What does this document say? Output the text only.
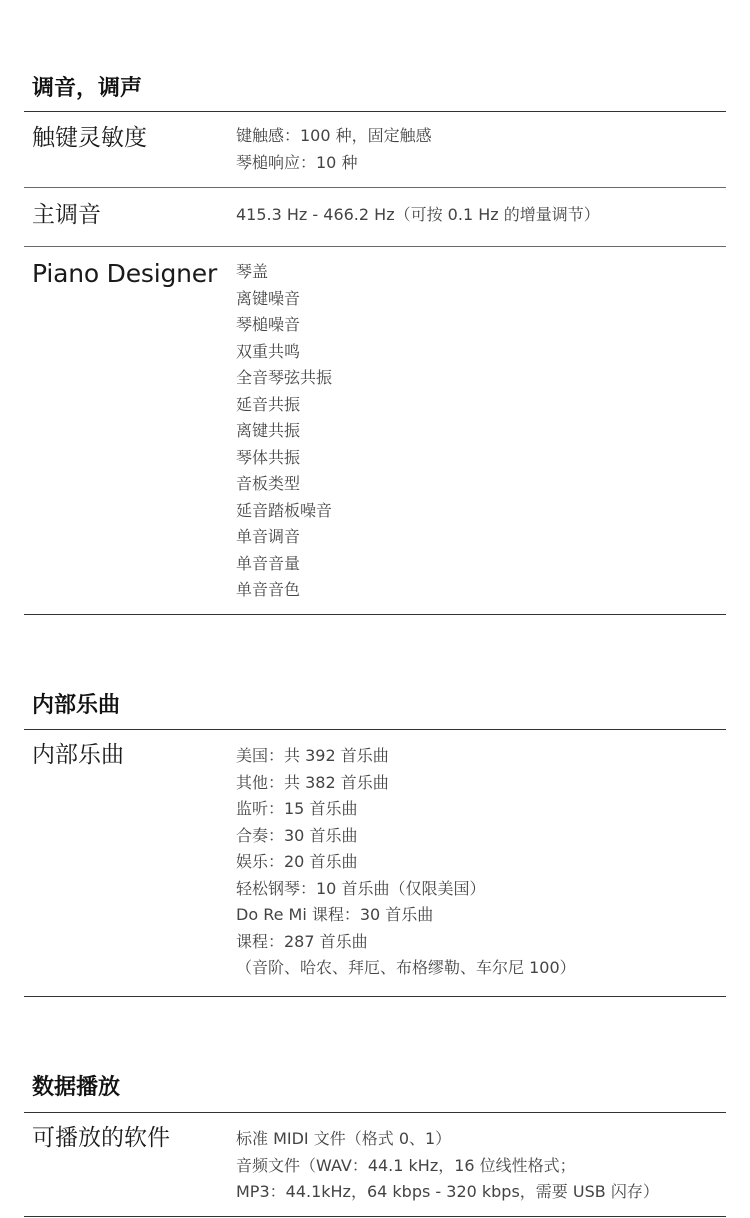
调音，调声
触键灵敏度	键触感：100 种，固定触感
琴槌响应：10 种
主调音	415.3 Hz - 466.2 Hz（可按 0.1 Hz 的增量调节）
Piano Designer 琴盖
离键噪音
琴槌噪音
双重共鸣
全音琴弦共振
延音共振
离键共振
琴体共振
音板类型
延音踏板噪音
单音调音
单音音量
单音音色
内部乐曲
内部乐曲	美国：共 392 首乐曲
其他：共 382 首乐曲
监听：15 首乐曲
合奏：30 首乐曲
娱乐：20 首乐曲
轻松钢琴：10 首乐曲（仅限美国）
Do Re Mi 课程：30 首乐曲
课程：287 首乐曲
（音阶、哈农、拜厄、布格缪勒、车尔尼 100）
数据播放
可播放的软件	标准 MIDI 文件（格式 0、1）
音频文件（WAV：44.1 kHz，16 位线性格式；
MP3：44.1kHz，64 kbps - 320 kbps，需要 USB 闪存）
